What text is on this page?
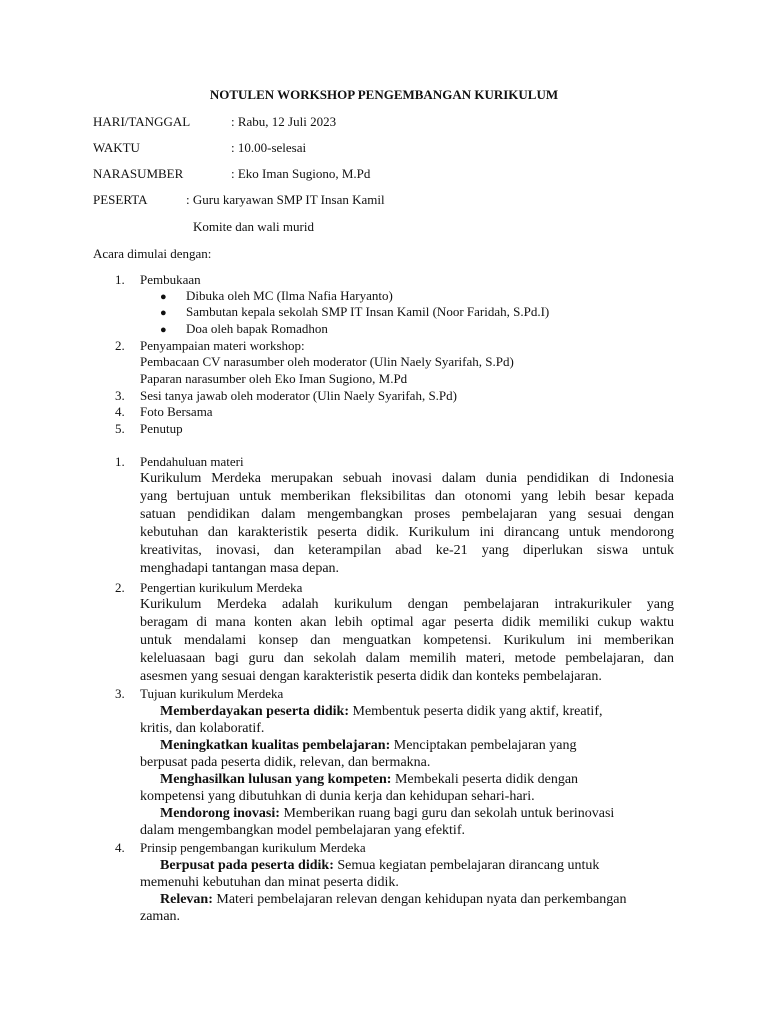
NOTULEN WORKSHOP PENGEMBANGAN KURIKULUM
HARI/TANGGAL	: Rabu, 12 Juli 2023
WAKTU	: 10.00-selesai
NARASUMBER	: Eko Iman Sugiono, M.Pd
PESERTA	: Guru karyawan SMP IT Insan Kamil
Komite dan wali murid
Acara dimulai dengan:
1. Pembukaan
● Dibuka oleh MC (Ilma Nafia Haryanto)
● Sambutan kepala sekolah SMP IT Insan Kamil (Noor Faridah, S.Pd.I)
● Doa oleh bapak Romadhon
2. Penyampaian materi workshop:
Pembacaan CV narasumber oleh moderator (Ulin Naely Syarifah, S.Pd)
Paparan narasumber oleh Eko Iman Sugiono, M.Pd
3. Sesi tanya jawab oleh moderator (Ulin Naely Syarifah, S.Pd)
4. Foto Bersama
5. Penutup
1. Pendahuluan materi
Kurikulum Merdeka merupakan sebuah inovasi dalam dunia pendidikan di Indonesia
yang bertujuan untuk memberikan fleksibilitas dan otonomi yang lebih besar kepada
satuan pendidikan dalam mengembangkan proses pembelajaran yang sesuai dengan
kebutuhan dan karakteristik peserta didik. Kurikulum ini dirancang untuk mendorong
kreativitas, inovasi, dan keterampilan abad ke-21 yang diperlukan siswa untuk
menghadapi tantangan masa depan.
2. Pengertian kurikulum Merdeka
Kurikulum Merdeka adalah kurikulum dengan pembelajaran intrakurikuler yang
beragam di mana konten akan lebih optimal agar peserta didik memiliki cukup waktu
untuk mendalami konsep dan menguatkan kompetensi. Kurikulum ini memberikan
keleluasaan bagi guru dan sekolah dalam memilih materi, metode pembelajaran, dan
asesmen yang sesuai dengan karakteristik peserta didik dan konteks pembelajaran.
3. Tujuan kurikulum Merdeka
Memberdayakan peserta didik: Membentuk peserta didik yang aktif, kreatif,
kritis, dan kolaboratif.
Meningkatkan kualitas pembelajaran: Menciptakan pembelajaran yang
berpusat pada peserta didik, relevan, dan bermakna.
Menghasilkan lulusan yang kompeten: Membekali peserta didik dengan
kompetensi yang dibutuhkan di dunia kerja dan kehidupan sehari-hari.
Mendorong inovasi: Memberikan ruang bagi guru dan sekolah untuk berinovasi
dalam mengembangkan model pembelajaran yang efektif.
4. Prinsip pengembangan kurikulum Merdeka
Berpusat pada peserta didik: Semua kegiatan pembelajaran dirancang untuk
memenuhi kebutuhan dan minat peserta didik.
Relevan: Materi pembelajaran relevan dengan kehidupan nyata dan perkembangan
zaman.
